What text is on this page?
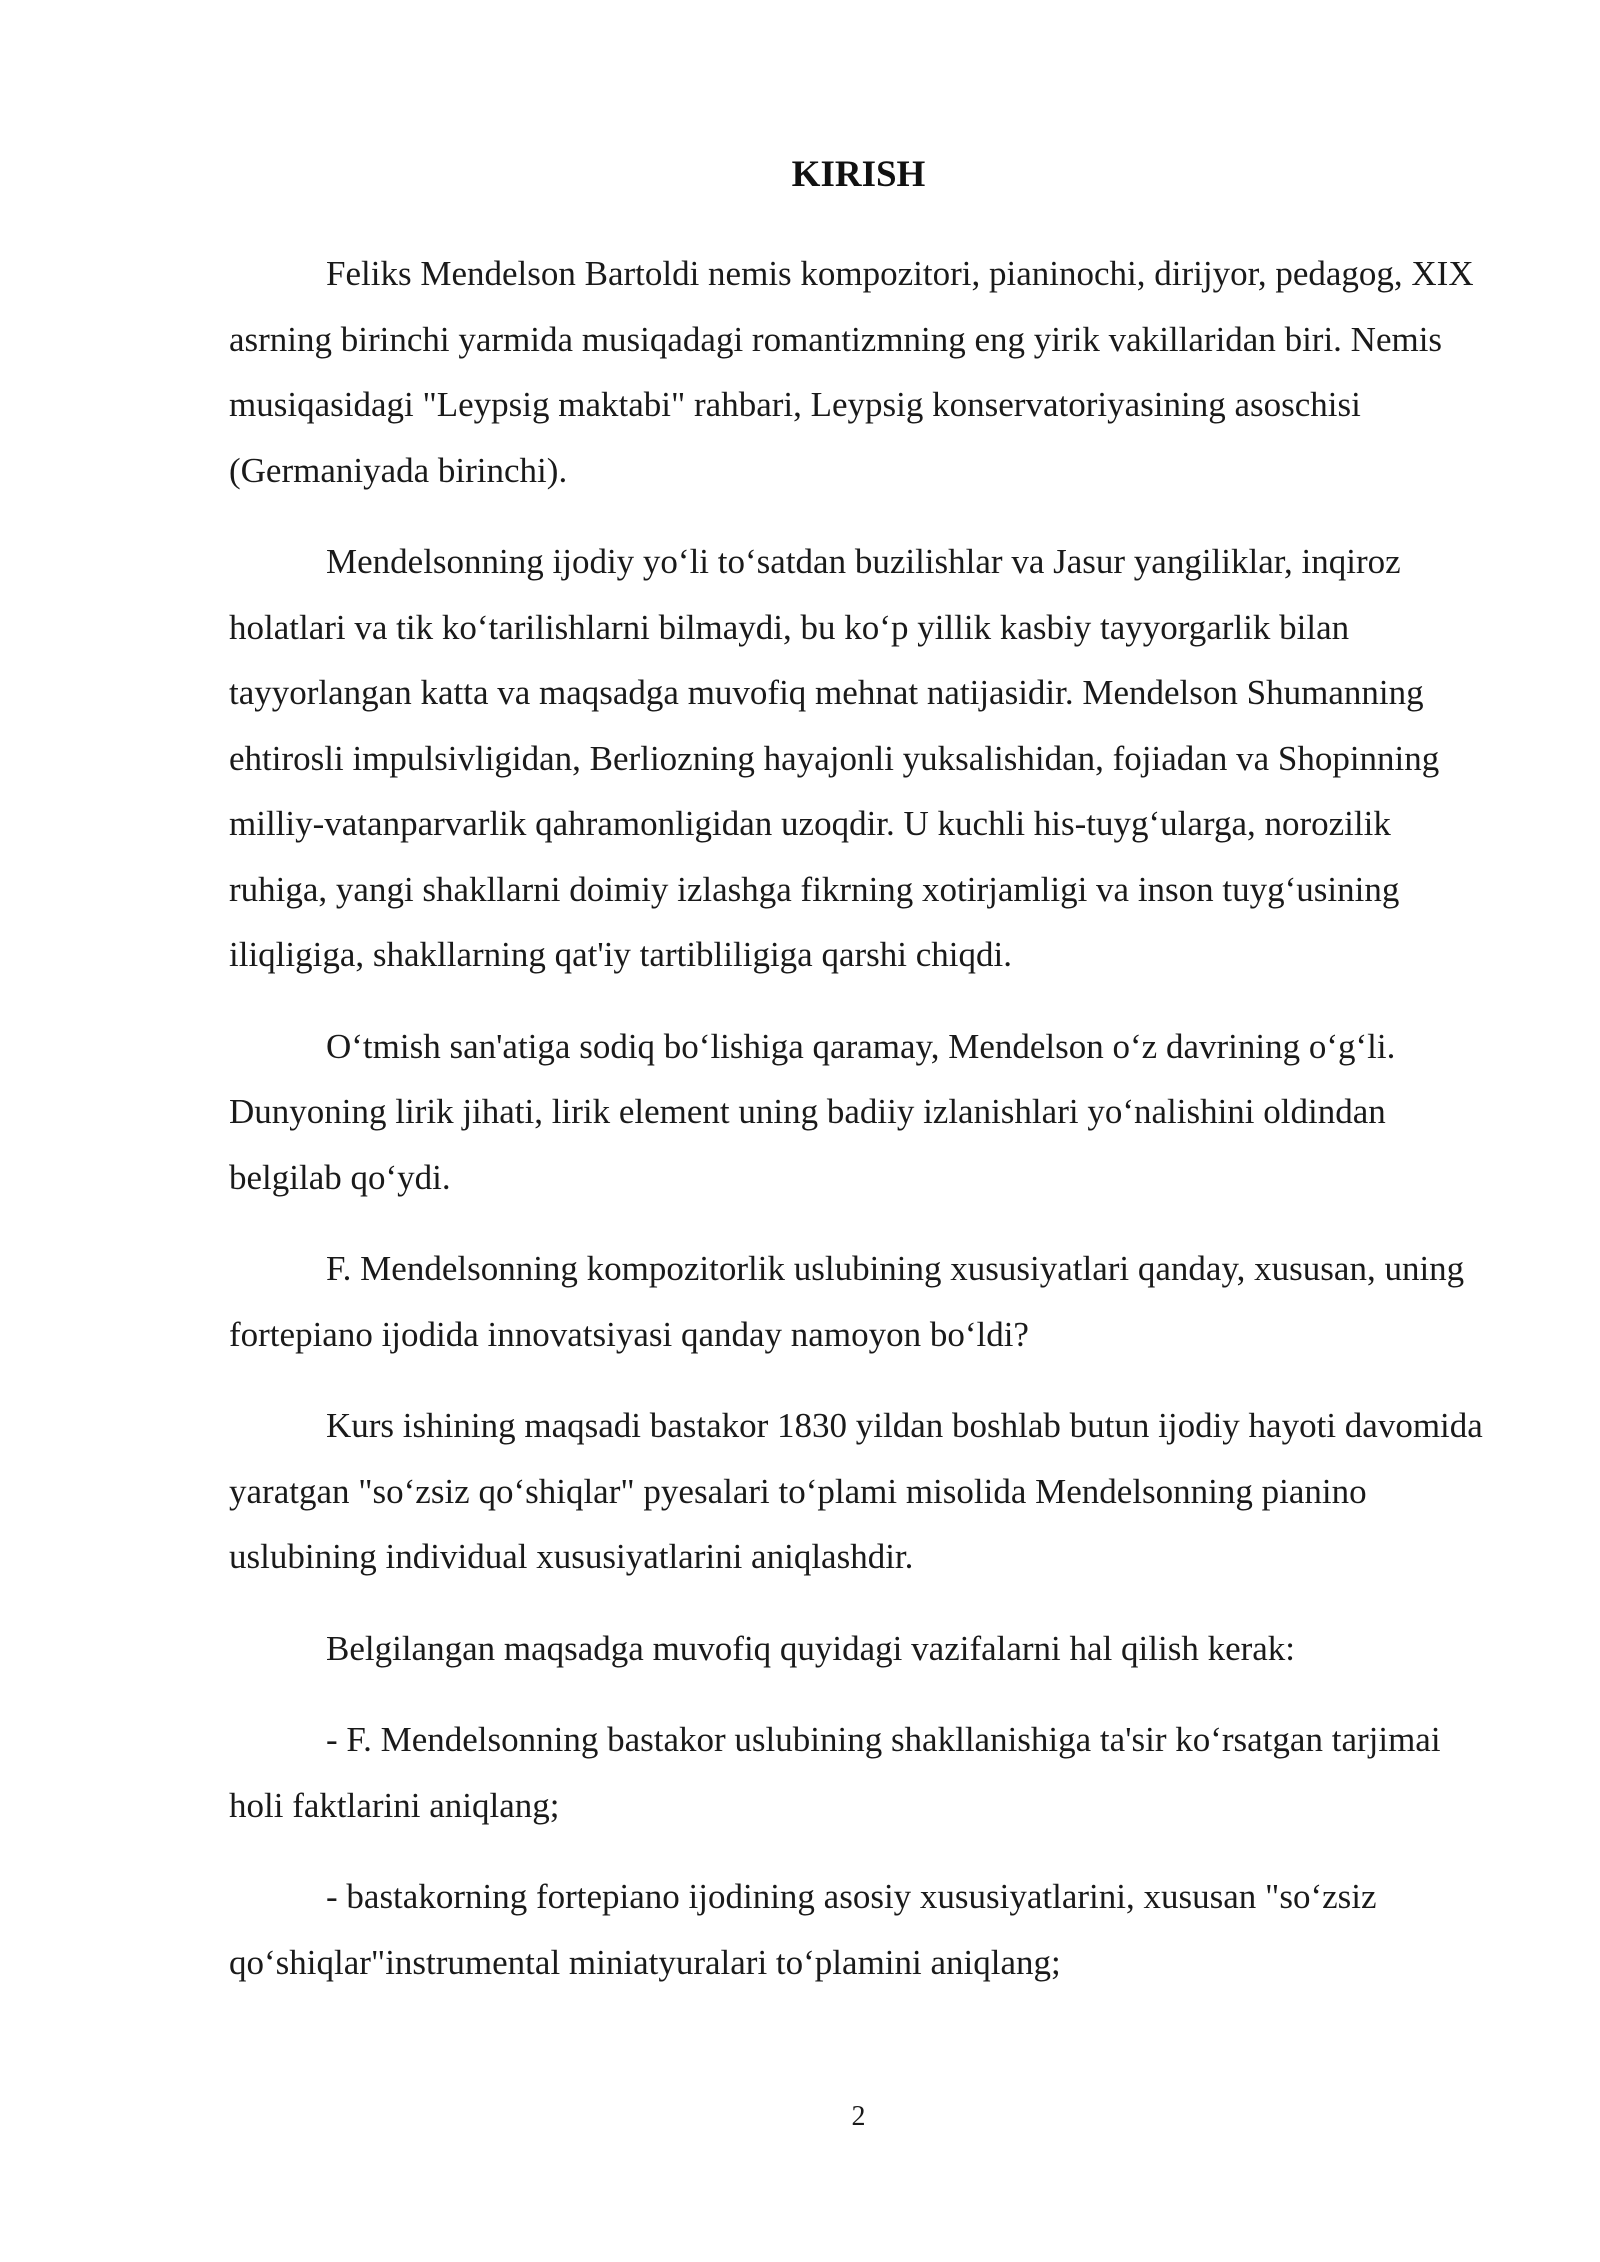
KIRISH

Feliks Mendelson Bartoldi nemis kompozitori, pianinochi, dirijyor, pedagog, XIX asrning birinchi yarmida musiqadagi romantizmning eng yirik vakillaridan biri. Nemis musiqasidagi "Leypsig maktabi" rahbari, Leypsig konservatoriyasining asoschisi (Germaniyada birinchi).

Mendelsonning ijodiy yo‘li to‘satdan buzilishlar va Jasur yangiliklar, inqiroz holatlari va tik ko‘tarilishlarni bilmaydi, bu ko‘p yillik kasbiy tayyorgarlik bilan tayyorlangan katta va maqsadga muvofiq mehnat natijasidir. Mendelson Shumanning ehtirosli impulsivligidan, Berliozning hayajonli yuksalishidan, fojiadan va Shopinning milliy-vatanparvarlik qahramonligidan uzoqdir. U kuchli his-tuyg‘ularga, norozilik ruhiga, yangi shakllarni doimiy izlashga fikrning xotirjamligi va inson tuyg‘usining iliqligiga, shakllarning qat'iy tartibliligiga qarshi chiqdi.

O‘tmish san'atiga sodiq bo‘lishiga qaramay, Mendelson o‘z davrining o‘g‘li. Dunyoning lirik jihati, lirik element uning badiiy izlanishlari yo‘nalishini oldindan belgilab qo‘ydi.

F. Mendelsonning kompozitorlik uslubining xususiyatlari qanday, xususan, uning fortepiano ijodida innovatsiyasi qanday namoyon bo‘ldi?

Kurs ishining maqsadi bastakor 1830 yildan boshlab butun ijodiy hayoti davomida yaratgan "so‘zsiz qo‘shiqlar" pyesalari to‘plami misolida Mendelsonning pianino uslubining individual xususiyatlarini aniqlashdir.

Belgilangan maqsadga muvofiq quyidagi vazifalarni hal qilish kerak:

- F. Mendelsonning bastakor uslubining shakllanishiga ta'sir ko‘rsatgan tarjimai holi faktlarini aniqlang;

- bastakorning fortepiano ijodining asosiy xususiyatlarini, xususan "so‘zsiz qo‘shiqlar"instrumental miniatyuralari to‘plamini aniqlang;

2
